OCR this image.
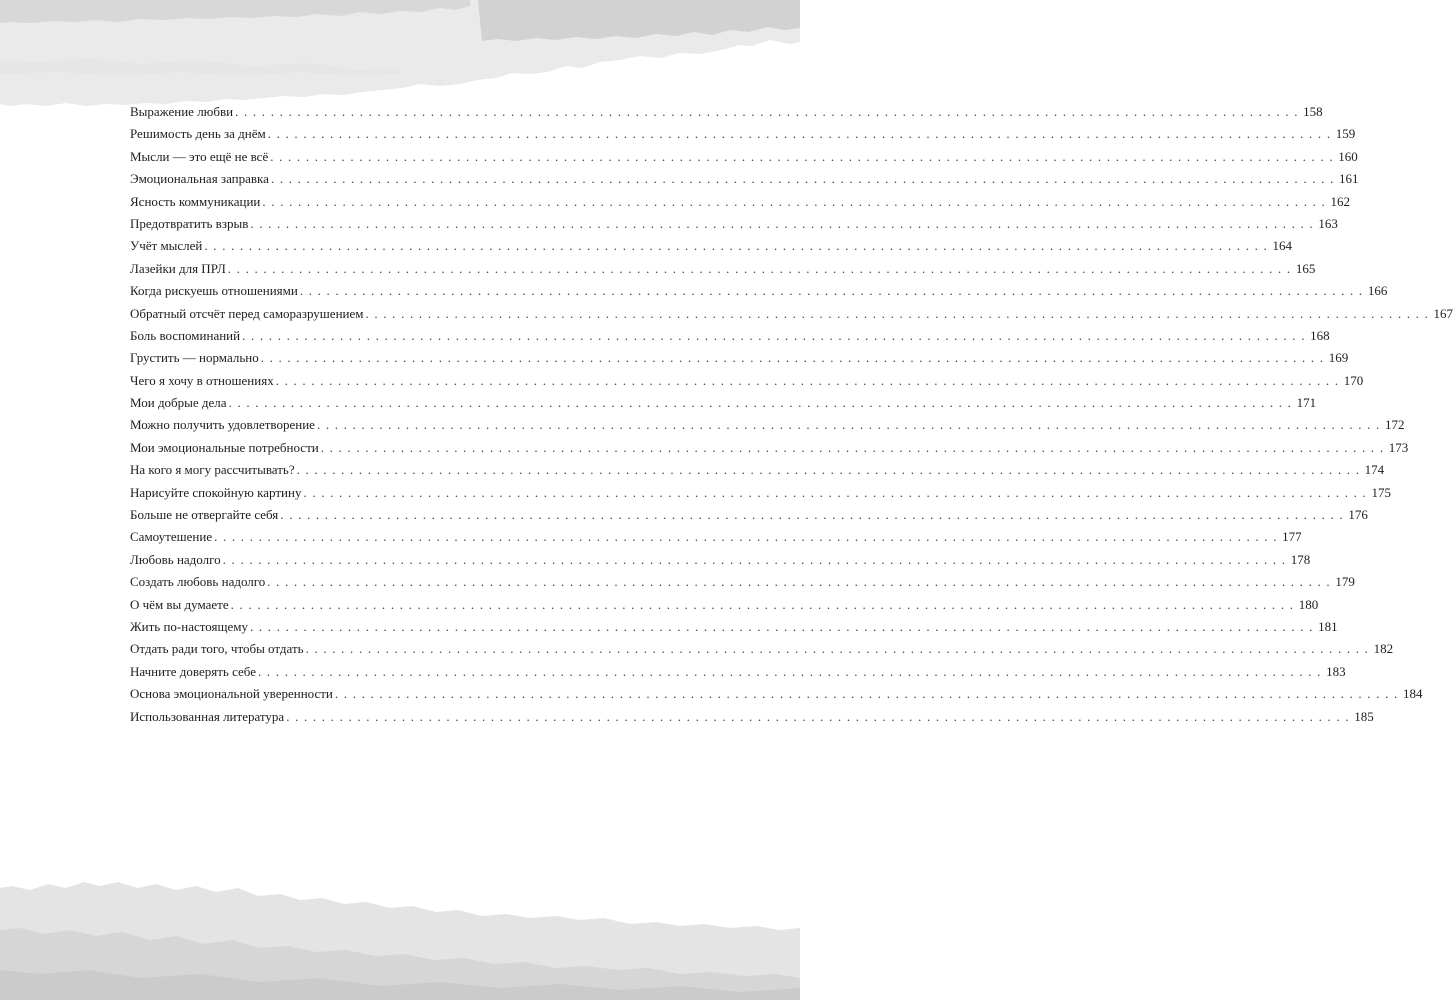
Выражение любви . . . . . . . . . . . . . . . . . . . . . . . . . . . . . . . . . . . . . . . . . . . . . . . . . . . . . . . . . . . . . . . . . . . . . . . . . . . . . . . . . . . . . . . . . . . . . . . . . . . . . . . . . . . . . . . . . . . . . . . . 158
Решимость день за днём . . . . . . . . . . . . . . . . . . . . . . . . . . . . . . . . . . . . . . . . . . . . . . . . . . . . . . . . . . . . . . . . . . . . . . . . . . . . . . . . . . . . . . . . . . . . . . . . . . . . . . . . . . . . . . . . . . . . . . . . 159
Мысли — это ещё не всё . . . . . . . . . . . . . . . . . . . . . . . . . . . . . . . . . . . . . . . . . . . . . . . . . . . . . . . . . . . . . . . . . . . . . . . . . . . . . . . . . . . . . . . . . . . . . . . . . . . . . . . . . . . . . . . . . . . . . . . . 160
Эмоциональная заправка . . . . . . . . . . . . . . . . . . . . . . . . . . . . . . . . . . . . . . . . . . . . . . . . . . . . . . . . . . . . . . . . . . . . . . . . . . . . . . . . . . . . . . . . . . . . . . . . . . . . . . . . . . . . . . . . . . . . . . . . 161
Ясность коммуникации . . . . . . . . . . . . . . . . . . . . . . . . . . . . . . . . . . . . . . . . . . . . . . . . . . . . . . . . . . . . . . . . . . . . . . . . . . . . . . . . . . . . . . . . . . . . . . . . . . . . . . . . . . . . . . . . . . . . . . . . 162
Предотвратить взрыв . . . . . . . . . . . . . . . . . . . . . . . . . . . . . . . . . . . . . . . . . . . . . . . . . . . . . . . . . . . . . . . . . . . . . . . . . . . . . . . . . . . . . . . . . . . . . . . . . . . . . . . . . . . . . . . . . . . . . . . . 163
Учёт мыслей . . . . . . . . . . . . . . . . . . . . . . . . . . . . . . . . . . . . . . . . . . . . . . . . . . . . . . . . . . . . . . . . . . . . . . . . . . . . . . . . . . . . . . . . . . . . . . . . . . . . . . . . . . . . . . . . . . . . . . . . 164
Лазейки для ПРЛ . . . . . . . . . . . . . . . . . . . . . . . . . . . . . . . . . . . . . . . . . . . . . . . . . . . . . . . . . . . . . . . . . . . . . . . . . . . . . . . . . . . . . . . . . . . . . . . . . . . . . . . . . . . . . . . . . . . . . . . . 165
Когда рискуешь отношениями . . . . . . . . . . . . . . . . . . . . . . . . . . . . . . . . . . . . . . . . . . . . . . . . . . . . . . . . . . . . . . . . . . . . . . . . . . . . . . . . . . . . . . . . . . . . . . . . . . . . . . . . . . . . . . . . . . . . . . . . 166
Обратный отсчёт перед саморазрушением . . . . . . . . . . . . . . . . . . . . . . . . . . . . . . . . . . . . . . . . . . . . . . . . . . . . . . . . . . . . . . . . . . . . . . . . . . . . . . . . . . . . . . . . . . . . . . . . . . . . . . . . . . . . . . . . . . . . . . . . 167
Боль воспоминаний . . . . . . . . . . . . . . . . . . . . . . . . . . . . . . . . . . . . . . . . . . . . . . . . . . . . . . . . . . . . . . . . . . . . . . . . . . . . . . . . . . . . . . . . . . . . . . . . . . . . . . . . . . . . . . . . . . . . . . . . 168
Грустить — нормально . . . . . . . . . . . . . . . . . . . . . . . . . . . . . . . . . . . . . . . . . . . . . . . . . . . . . . . . . . . . . . . . . . . . . . . . . . . . . . . . . . . . . . . . . . . . . . . . . . . . . . . . . . . . . . . . . . . . . . . . 169
Чего я хочу в отношениях . . . . . . . . . . . . . . . . . . . . . . . . . . . . . . . . . . . . . . . . . . . . . . . . . . . . . . . . . . . . . . . . . . . . . . . . . . . . . . . . . . . . . . . . . . . . . . . . . . . . . . . . . . . . . . . . . . . . . . . . 170
Мои добрые дела . . . . . . . . . . . . . . . . . . . . . . . . . . . . . . . . . . . . . . . . . . . . . . . . . . . . . . . . . . . . . . . . . . . . . . . . . . . . . . . . . . . . . . . . . . . . . . . . . . . . . . . . . . . . . . . . . . . . . . . . 171
Можно получить удовлетворение . . . . . . . . . . . . . . . . . . . . . . . . . . . . . . . . . . . . . . . . . . . . . . . . . . . . . . . . . . . . . . . . . . . . . . . . . . . . . . . . . . . . . . . . . . . . . . . . . . . . . . . . . . . . . . . . . . . . . . . . 172
Мои эмоциональные потребности . . . . . . . . . . . . . . . . . . . . . . . . . . . . . . . . . . . . . . . . . . . . . . . . . . . . . . . . . . . . . . . . . . . . . . . . . . . . . . . . . . . . . . . . . . . . . . . . . . . . . . . . . . . . . . . . . . . . . . . . 173
На кого я могу рассчитывать? . . . . . . . . . . . . . . . . . . . . . . . . . . . . . . . . . . . . . . . . . . . . . . . . . . . . . . . . . . . . . . . . . . . . . . . . . . . . . . . . . . . . . . . . . . . . . . . . . . . . . . . . . . . . . . . . . . . . . . . . 174
Нарисуйте спокойную картину . . . . . . . . . . . . . . . . . . . . . . . . . . . . . . . . . . . . . . . . . . . . . . . . . . . . . . . . . . . . . . . . . . . . . . . . . . . . . . . . . . . . . . . . . . . . . . . . . . . . . . . . . . . . . . . . . . . . . . . . 175
Больше не отвергайте себя . . . . . . . . . . . . . . . . . . . . . . . . . . . . . . . . . . . . . . . . . . . . . . . . . . . . . . . . . . . . . . . . . . . . . . . . . . . . . . . . . . . . . . . . . . . . . . . . . . . . . . . . . . . . . . . . . . . . . . . . 176
Самоутешение . . . . . . . . . . . . . . . . . . . . . . . . . . . . . . . . . . . . . . . . . . . . . . . . . . . . . . . . . . . . . . . . . . . . . . . . . . . . . . . . . . . . . . . . . . . . . . . . . . . . . . . . . . . . . . . . . . . . . . . . 177
Любовь надолго . . . . . . . . . . . . . . . . . . . . . . . . . . . . . . . . . . . . . . . . . . . . . . . . . . . . . . . . . . . . . . . . . . . . . . . . . . . . . . . . . . . . . . . . . . . . . . . . . . . . . . . . . . . . . . . . . . . . . . . . 178
Создать любовь надолго . . . . . . . . . . . . . . . . . . . . . . . . . . . . . . . . . . . . . . . . . . . . . . . . . . . . . . . . . . . . . . . . . . . . . . . . . . . . . . . . . . . . . . . . . . . . . . . . . . . . . . . . . . . . . . . . . . . . . . . . 179
О чём вы думаете . . . . . . . . . . . . . . . . . . . . . . . . . . . . . . . . . . . . . . . . . . . . . . . . . . . . . . . . . . . . . . . . . . . . . . . . . . . . . . . . . . . . . . . . . . . . . . . . . . . . . . . . . . . . . . . . . . . . . . . . 180
Жить по-настоящему . . . . . . . . . . . . . . . . . . . . . . . . . . . . . . . . . . . . . . . . . . . . . . . . . . . . . . . . . . . . . . . . . . . . . . . . . . . . . . . . . . . . . . . . . . . . . . . . . . . . . . . . . . . . . . . . . . . . . . . . 181
Отдать ради того, чтобы отдать . . . . . . . . . . . . . . . . . . . . . . . . . . . . . . . . . . . . . . . . . . . . . . . . . . . . . . . . . . . . . . . . . . . . . . . . . . . . . . . . . . . . . . . . . . . . . . . . . . . . . . . . . . . . . . . . . . . . . . . . 182
Начните доверять себе . . . . . . . . . . . . . . . . . . . . . . . . . . . . . . . . . . . . . . . . . . . . . . . . . . . . . . . . . . . . . . . . . . . . . . . . . . . . . . . . . . . . . . . . . . . . . . . . . . . . . . . . . . . . . . . . . . . . . . . . 183
Основа эмоциональной уверенности . . . . . . . . . . . . . . . . . . . . . . . . . . . . . . . . . . . . . . . . . . . . . . . . . . . . . . . . . . . . . . . . . . . . . . . . . . . . . . . . . . . . . . . . . . . . . . . . . . . . . . . . . . . . . . . . . . . . . . . . 184
Использованная литература . . . . . . . . . . . . . . . . . . . . . . . . . . . . . . . . . . . . . . . . . . . . . . . . . . . . . . . . . . . . . . . . . . . . . . . . . . . . . . . . . . . . . . . . . . . . . . . . . . . . . . . . . . . . . . . . . . . . . . . . 185
